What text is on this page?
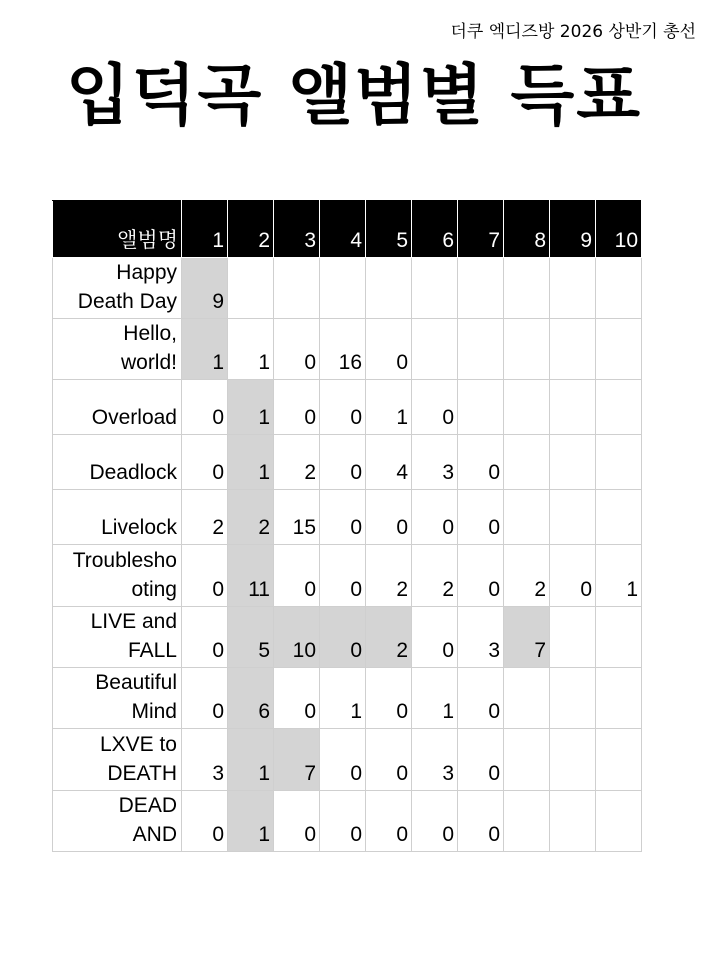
더쿠 엑디즈방 2026 상반기 총선
입덕곡 앨범별 득표
앨범명	1	2	3	4	5	6	7	8	9	10
Happy
Death Day	9									
Hello,
world!	1	1	0	16	0					
Overload	0	1	0	0	1	0				
Deadlock	0	1	2	0	4	3	0			
Livelock	2	2	15	0	0	0	0			
Troublesho
oting	0	11	0	0	2	2	0	2	0	1
LIVE and
FALL	0	5	10	0	2	0	3	7		
Beautiful
Mind	0	6	0	1	0	1	0			
LXVE to
DEATH	3	1	7	0	0	3	0			
DEAD
AND	0	1	0	0	0	0	0			
